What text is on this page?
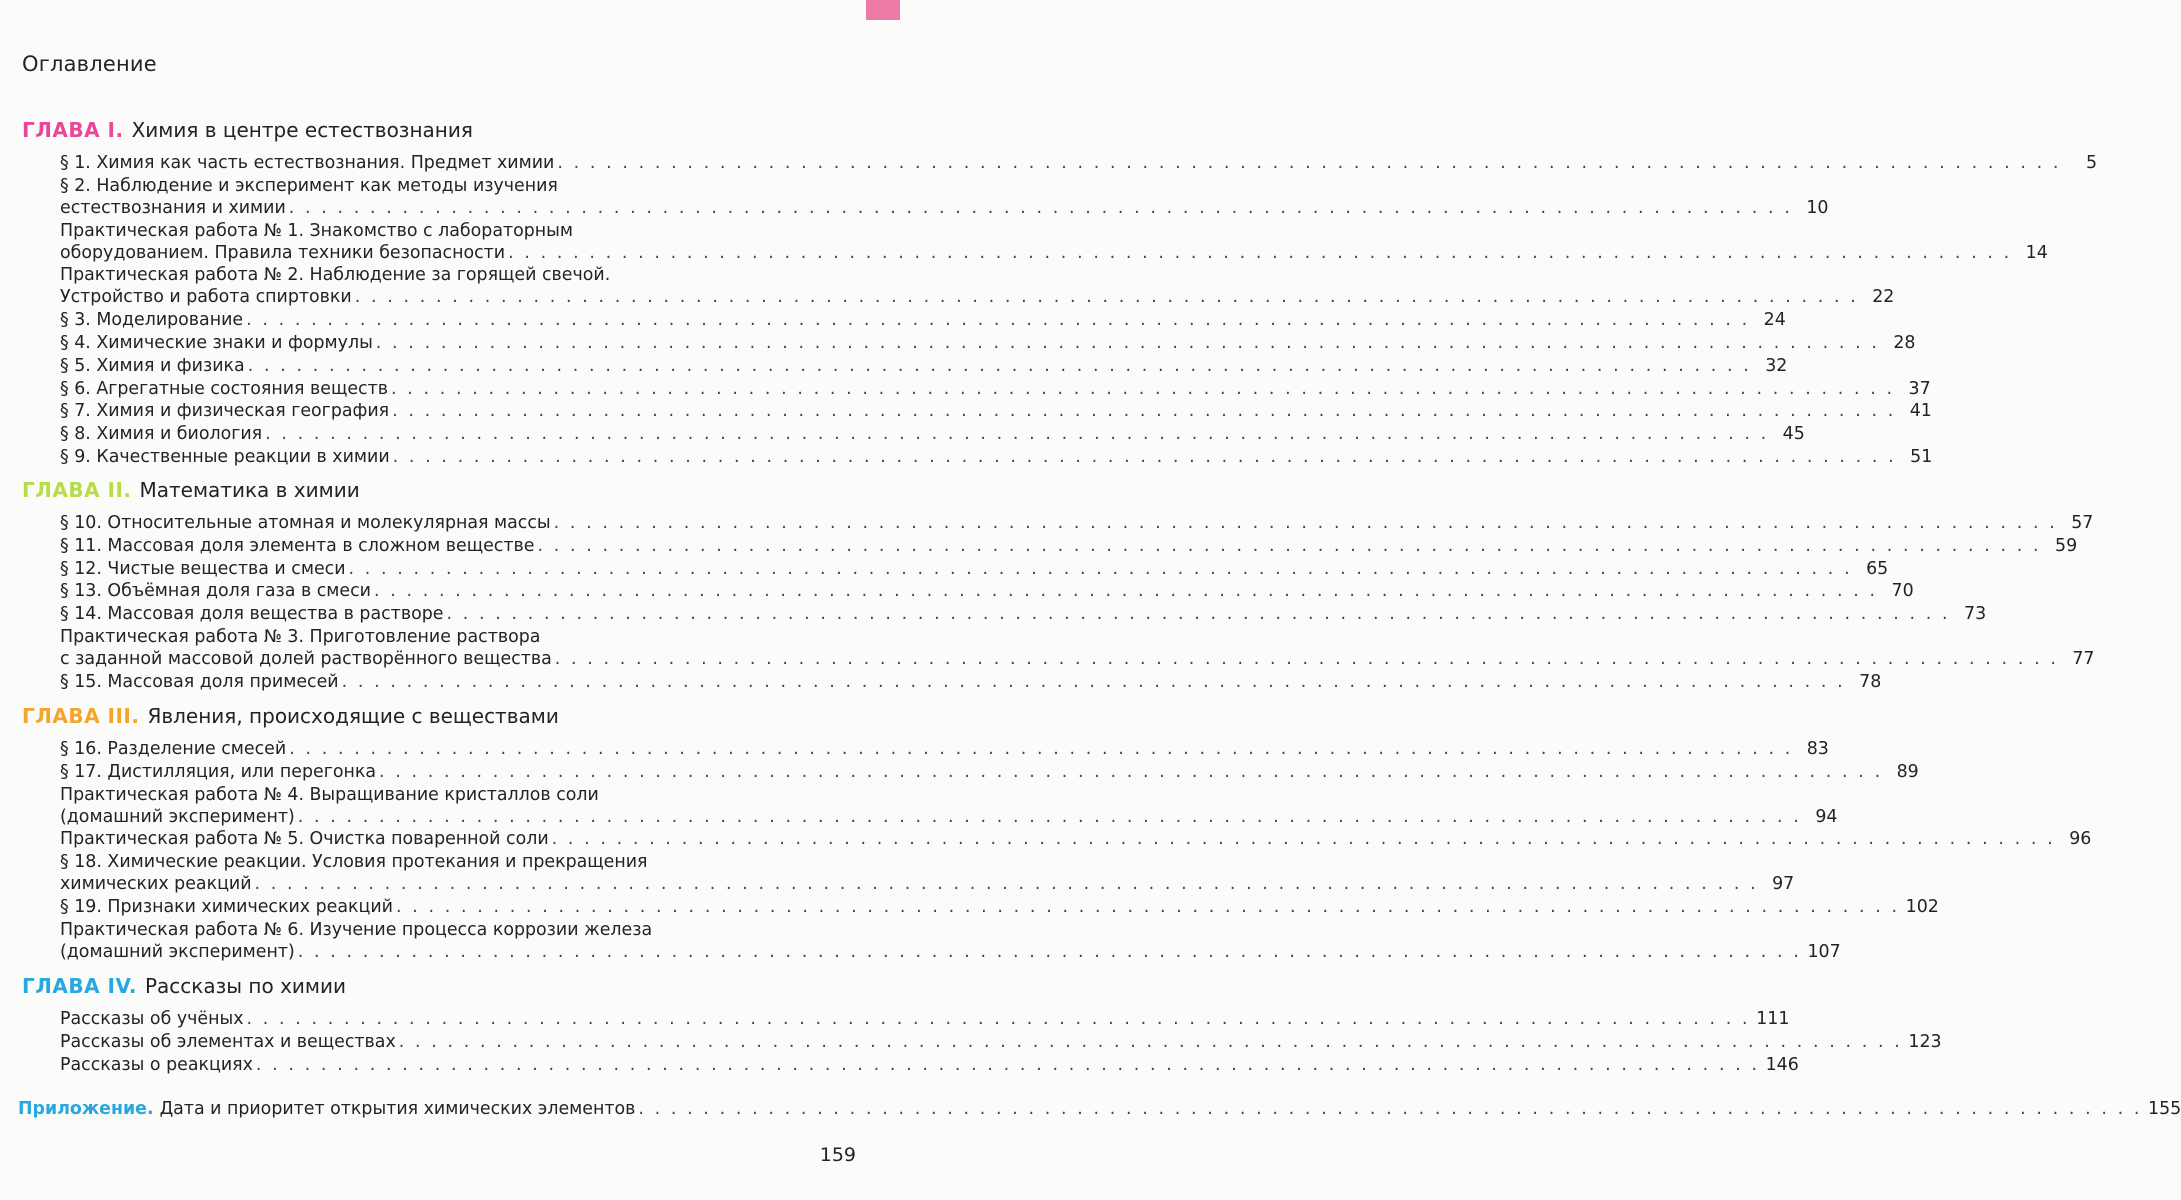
Оглавление
ГЛАВА I. Химия в центре естествознания
§ 1. Химия как часть естествознания. Предмет химии . . . . . . . . . . . . . . . . . . . . . . . . . . . . . . . . . . . . . . . . . . . . . . . . . . . . . . . . . . . . . . . . . . . . . . . . . . . . . . . . . . . . . . . . . . . . .	5
§ 2. Наблюдение и эксперимент как методы изучения
естествознания и химии . . . . . . . . . . . . . . . . . . . . . . . . . . . . . . . . . . . . . . . . . . . . . . . . . . . . . . . . . . . . . . . . . . . . . . . . . . . . . . . . . . . . . . . . . . . . . 10
Практическая работа № 1. Знакомство с лабораторным
оборудованием. Правила техники безопасности . . . . . . . . . . . . . . . . . . . . . . . . . . . . . . . . . . . . . . . . . . . . . . . . . . . . . . . . . . . . . . . . . . . . . . . . . . . . . . . . . . . . . . . . . . . . . 14
Практическая работа № 2. Наблюдение за горящей свечой.
Устройство и работа спиртовки . . . . . . . . . . . . . . . . . . . . . . . . . . . . . . . . . . . . . . . . . . . . . . . . . . . . . . . . . . . . . . . . . . . . . . . . . . . . . . . . . . . . . . . . . . . . . 22
§ 3. Моделирование . . . . . . . . . . . . . . . . . . . . . . . . . . . . . . . . . . . . . . . . . . . . . . . . . . . . . . . . . . . . . . . . . . . . . . . . . . . . . . . . . . . . . . . . . . . . . 24
§ 4. Химические знаки и формулы . . . . . . . . . . . . . . . . . . . . . . . . . . . . . . . . . . . . . . . . . . . . . . . . . . . . . . . . . . . . . . . . . . . . . . . . . . . . . . . . . . . . . . . . . . . . . 28
§ 5. Химия и физика . . . . . . . . . . . . . . . . . . . . . . . . . . . . . . . . . . . . . . . . . . . . . . . . . . . . . . . . . . . . . . . . . . . . . . . . . . . . . . . . . . . . . . . . . . . . . 32
§ 6. Агрегатные состояния веществ . . . . . . . . . . . . . . . . . . . . . . . . . . . . . . . . . . . . . . . . . . . . . . . . . . . . . . . . . . . . . . . . . . . . . . . . . . . . . . . . . . . . . . . . . . . . . 37
§ 7. Химия и физическая география . . . . . . . . . . . . . . . . . . . . . . . . . . . . . . . . . . . . . . . . . . . . . . . . . . . . . . . . . . . . . . . . . . . . . . . . . . . . . . . . . . . . . . . . . . . . . 41
§ 8. Химия и биология . . . . . . . . . . . . . . . . . . . . . . . . . . . . . . . . . . . . . . . . . . . . . . . . . . . . . . . . . . . . . . . . . . . . . . . . . . . . . . . . . . . . . . . . . . . . . 45
§ 9. Качественные реакции в химии . . . . . . . . . . . . . . . . . . . . . . . . . . . . . . . . . . . . . . . . . . . . . . . . . . . . . . . . . . . . . . . . . . . . . . . . . . . . . . . . . . . . . . . . . . . . . 51
ГЛАВА II. Математика в химии
§ 10. Относительные атомная и молекулярная массы . . . . . . . . . . . . . . . . . . . . . . . . . . . . . . . . . . . . . . . . . . . . . . . . . . . . . . . . . . . . . . . . . . . . . . . . . . . . . . . . . . . . . . . . . . . . . 57
§ 11. Массовая доля элемента в сложном веществе . . . . . . . . . . . . . . . . . . . . . . . . . . . . . . . . . . . . . . . . . . . . . . . . . . . . . . . . . . . . . . . . . . . . . . . . . . . . . . . . . . . . . . . . . . . . . 59
§ 12. Чистые вещества и смеси . . . . . . . . . . . . . . . . . . . . . . . . . . . . . . . . . . . . . . . . . . . . . . . . . . . . . . . . . . . . . . . . . . . . . . . . . . . . . . . . . . . . . . . . . . . . . 65
§ 13. Объёмная доля газа в смеси . . . . . . . . . . . . . . . . . . . . . . . . . . . . . . . . . . . . . . . . . . . . . . . . . . . . . . . . . . . . . . . . . . . . . . . . . . . . . . . . . . . . . . . . . . . . . 70
§ 14. Массовая доля вещества в растворе . . . . . . . . . . . . . . . . . . . . . . . . . . . . . . . . . . . . . . . . . . . . . . . . . . . . . . . . . . . . . . . . . . . . . . . . . . . . . . . . . . . . . . . . . . . . . 73
Практическая работа № 3. Приготовление раствора
с заданной массовой долей растворённого вещества . . . . . . . . . . . . . . . . . . . . . . . . . . . . . . . . . . . . . . . . . . . . . . . . . . . . . . . . . . . . . . . . . . . . . . . . . . . . . . . . . . . . . . . . . . . . . 77
§ 15. Массовая доля примесей . . . . . . . . . . . . . . . . . . . . . . . . . . . . . . . . . . . . . . . . . . . . . . . . . . . . . . . . . . . . . . . . . . . . . . . . . . . . . . . . . . . . . . . . . . . . . 78
ГЛАВА III. Явления, происходящие с веществами
§ 16. Разделение смесей . . . . . . . . . . . . . . . . . . . . . . . . . . . . . . . . . . . . . . . . . . . . . . . . . . . . . . . . . . . . . . . . . . . . . . . . . . . . . . . . . . . . . . . . . . . . . 83
§ 17. Дистилляция, или перегонка . . . . . . . . . . . . . . . . . . . . . . . . . . . . . . . . . . . . . . . . . . . . . . . . . . . . . . . . . . . . . . . . . . . . . . . . . . . . . . . . . . . . . . . . . . . . . 89
Практическая работа № 4. Выращивание кристаллов соли
(домашний эксперимент) . . . . . . . . . . . . . . . . . . . . . . . . . . . . . . . . . . . . . . . . . . . . . . . . . . . . . . . . . . . . . . . . . . . . . . . . . . . . . . . . . . . . . . . . . . . . . 94
Практическая работа № 5. Очистка поваренной соли . . . . . . . . . . . . . . . . . . . . . . . . . . . . . . . . . . . . . . . . . . . . . . . . . . . . . . . . . . . . . . . . . . . . . . . . . . . . . . . . . . . . . . . . . . . . . 96
§ 18. Химические реакции. Условия протекания и прекращения
химических реакций . . . . . . . . . . . . . . . . . . . . . . . . . . . . . . . . . . . . . . . . . . . . . . . . . . . . . . . . . . . . . . . . . . . . . . . . . . . . . . . . . . . . . . . . . . . . . 97
§ 19. Признаки химических реакций . . . . . . . . . . . . . . . . . . . . . . . . . . . . . . . . . . . . . . . . . . . . . . . . . . . . . . . . . . . . . . . . . . . . . . . . . . . . . . . . . . . . . . . . . . . . . 102
Практическая работа № 6. Изучение процесса коррозии железа
(домашний эксперимент) . . . . . . . . . . . . . . . . . . . . . . . . . . . . . . . . . . . . . . . . . . . . . . . . . . . . . . . . . . . . . . . . . . . . . . . . . . . . . . . . . . . . . . . . . . . . . 107
ГЛАВА IV. Рассказы по химии
Рассказы об учёных . . . . . . . . . . . . . . . . . . . . . . . . . . . . . . . . . . . . . . . . . . . . . . . . . . . . . . . . . . . . . . . . . . . . . . . . . . . . . . . . . . . . . . . . . . . . . 111
Рассказы об элементах и веществах . . . . . . . . . . . . . . . . . . . . . . . . . . . . . . . . . . . . . . . . . . . . . . . . . . . . . . . . . . . . . . . . . . . . . . . . . . . . . . . . . . . . . . . . . . . . . 123
Рассказы о реакциях . . . . . . . . . . . . . . . . . . . . . . . . . . . . . . . . . . . . . . . . . . . . . . . . . . . . . . . . . . . . . . . . . . . . . . . . . . . . . . . . . . . . . . . . . . . . . 146
Приложение. Дата и приоритет открытия химических элементов . . . . . . . . . . . . . . . . . . . . . . . . . . . . . . . . . . . . . . . . . . . . . . . . . . . . . . . . . . . . . . . . . . . . . . . . . . . . . . . . . . . . . . . . . . . . . 155
159
